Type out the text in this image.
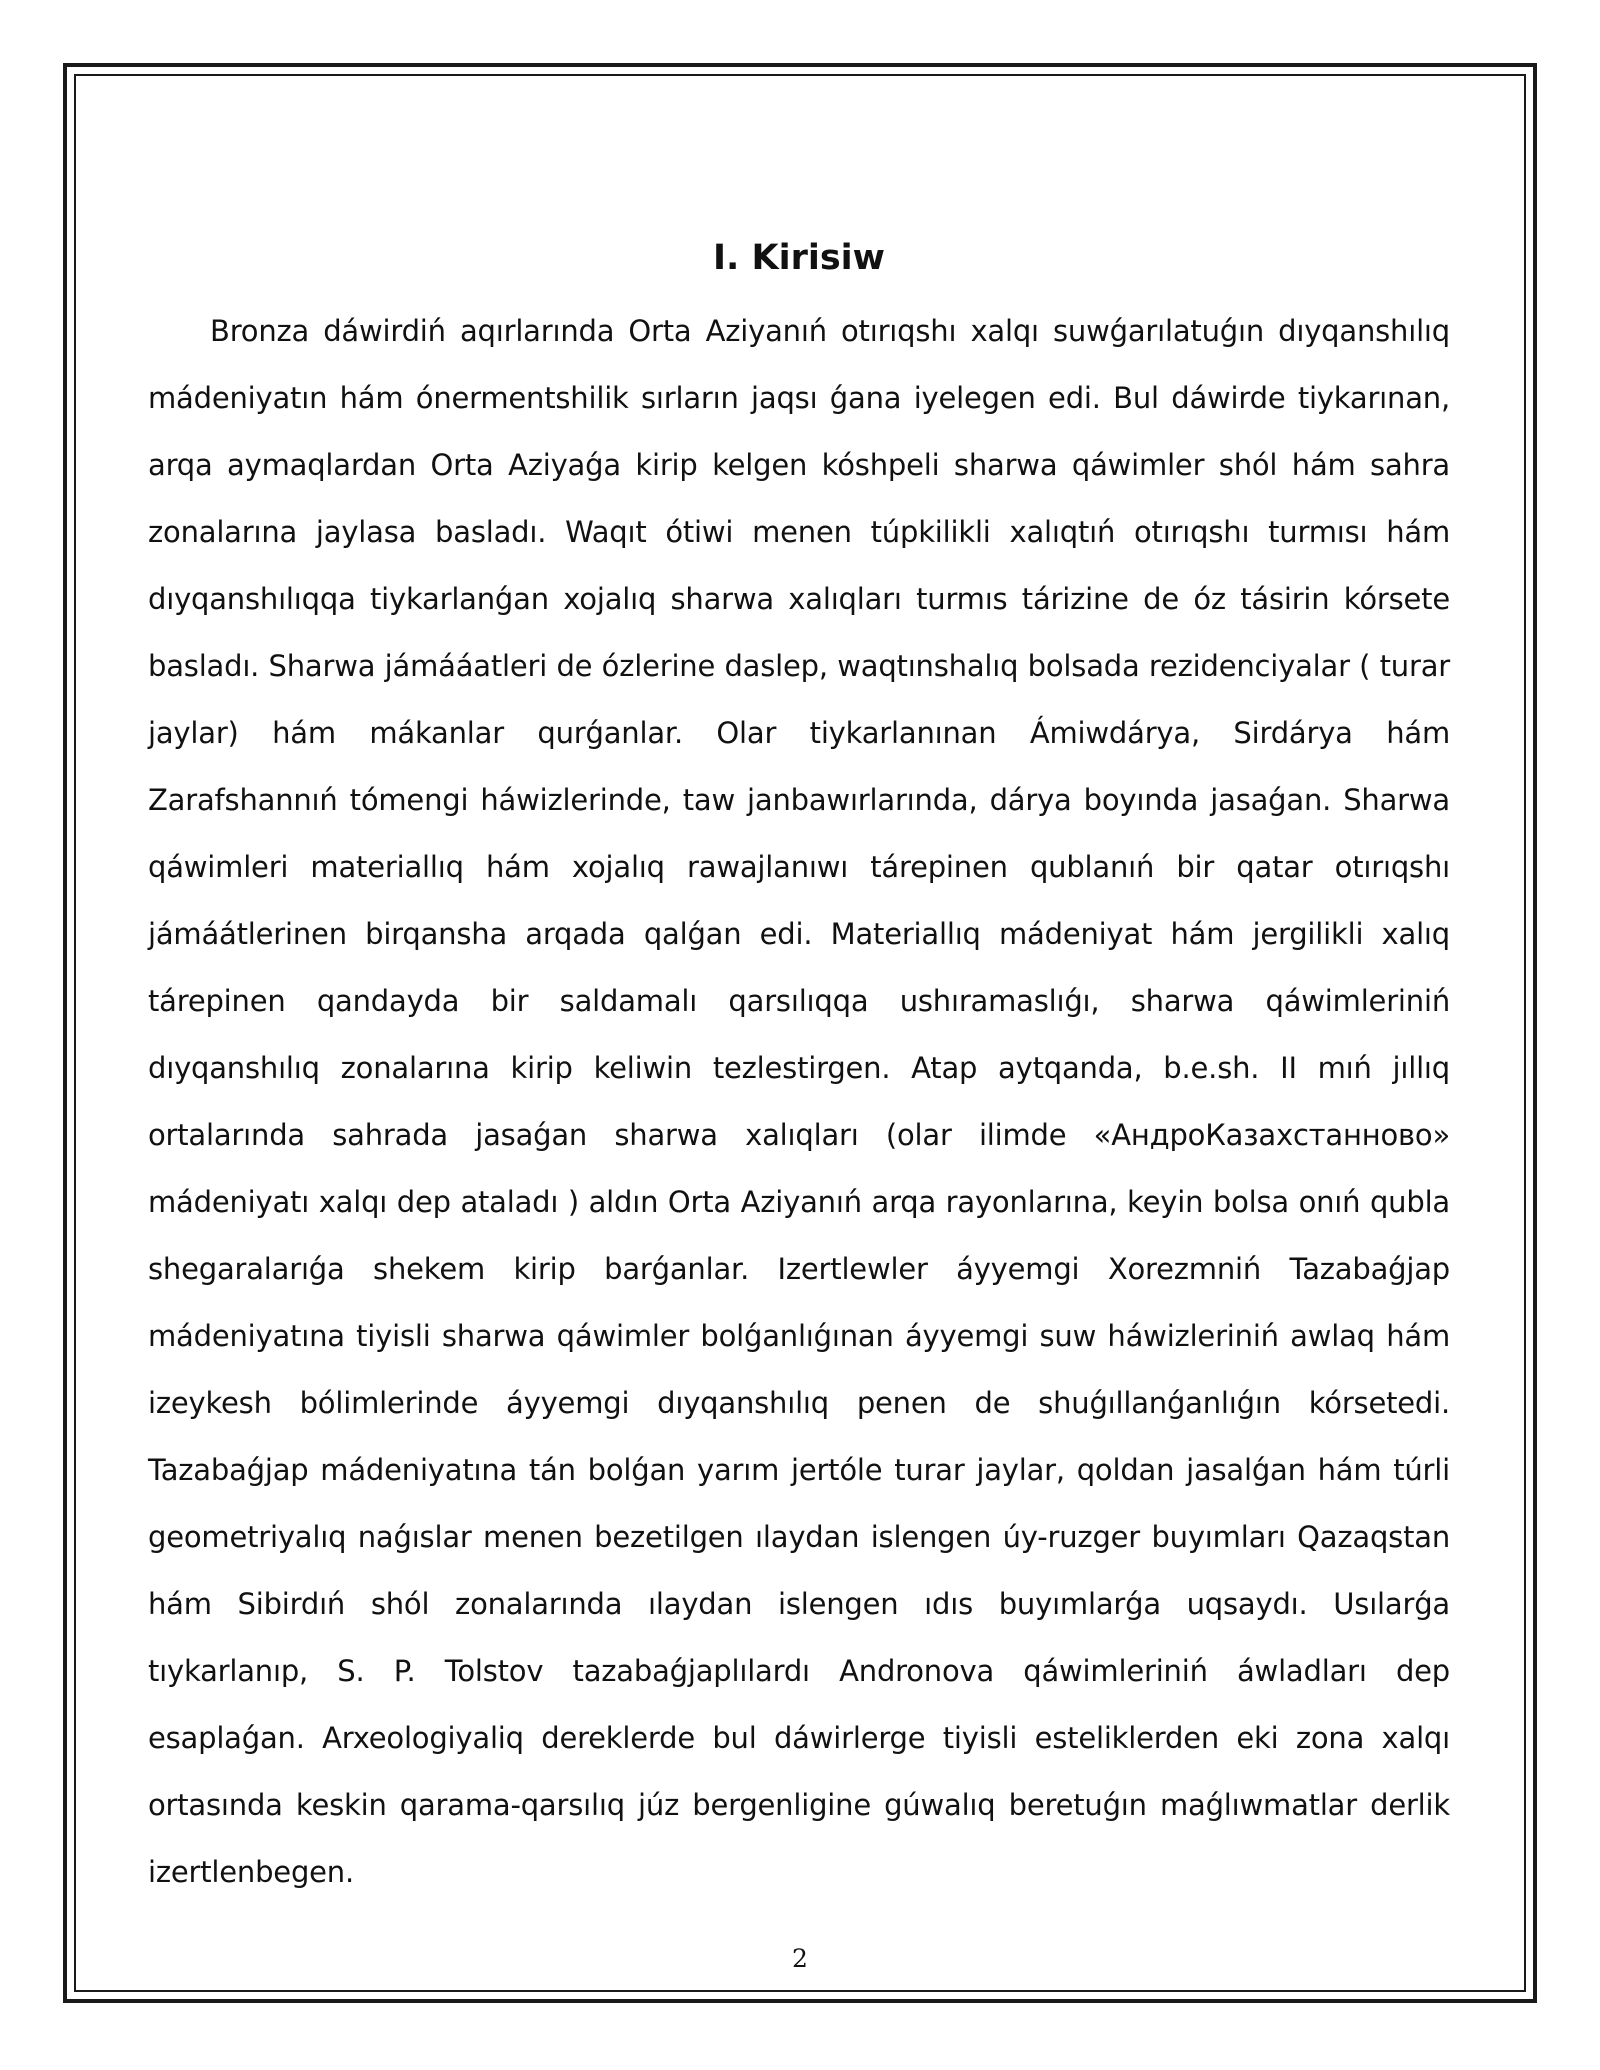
I. Kirisiw

Bronza dáwirdiń aqırlarında Orta Aziyanıń otırıqshı xalqı suwǵarılatuǵın dıyqanshılıq mádeniyatın hám ónermentshilik sırların jaqsı ǵana iyelegen edi. Bul dáwirde tiykarınan, arqa aymaqlardan Orta Aziyaǵa kirip kelgen kóshpeli sharwa qáwimler shól hám sahra zonalarına jaylasa basladı. Waqıt ótiwi menen túpkilikli xalıqtıń otırıqshı turmısı hám dıyqanshılıqqa tiykarlanǵan xojalıq sharwa xalıqları turmıs tárizine de óz tásirin kórsete basladı. Sharwa jámááatleri de ózlerine daslep, waqtınshalıq bolsada rezidenciyalar ( turar jaylar) hám mákanlar qurǵanlar. Olar tiykarlanınan Ámiwdárya, Sirdárya hám Zarafshannıń tómengi háwizlerinde, taw janbawırlarında, dárya boyında jasaǵan. Sharwa qáwimleri materiallıq hám xojalıq rawajlanıwı tárepinen qublanıń bir qatar otırıqshı jámáátlerinen birqansha arqada qalǵan edi. Materiallıq mádeniyat hám jergilikli xalıq tárepinen qandayda bir saldamalı qarsılıqqa ushıramaslıǵı, sharwa qáwimleriniń dıyqanshılıq zonalarına kirip keliwin tezlestirgen. Atap aytqanda, b.e.sh. II mıń jıllıq ortalarında sahrada jasaǵan sharwa xalıqları (olar ilimde «АндроКазахстанново» mádeniyatı xalqı dep ataladı ) aldın Orta Aziyanıń arqa rayonlarına, keyin bolsa onıń qubla shegaralarıǵa shekem kirip barǵanlar. Izertlewler áyyemgi Xorezmniń Tazabaǵjap mádeniyatına tiyisli sharwa qáwimler bolǵanlıǵınan áyyemgi suw háwizleriniń awlaq hám izeykesh bólimlerinde áyyemgi dıyqanshılıq penen de shuǵıllanǵanlıǵın kórsetedi. Tazabaǵjap mádeniyatına tán bolǵan yarım jertóle turar jaylar, qoldan jasalǵan hám túrli geometriyalıq naǵıslar menen bezetilgen ılaydan islengen úy-ruzger buyımları Qazaqstan hám Sibirdıń shól zonalarında ılaydan islengen ıdıs buyımlarǵa uqsaydı. Usılarǵa tıykarlanıp, S. P. Tolstov tazabaǵjaplılardı Andronova qáwimleriniń áwladları dep esaplaǵan. Arxeologiyaliq dereklerde bul dáwirlerge tiyisli esteliklerden eki zona xalqı ortasında keskin qarama-qarsılıq júz bergenligine gúwalıq beretuǵın maǵlıwmatlar derlik izertlenbegen.

2
